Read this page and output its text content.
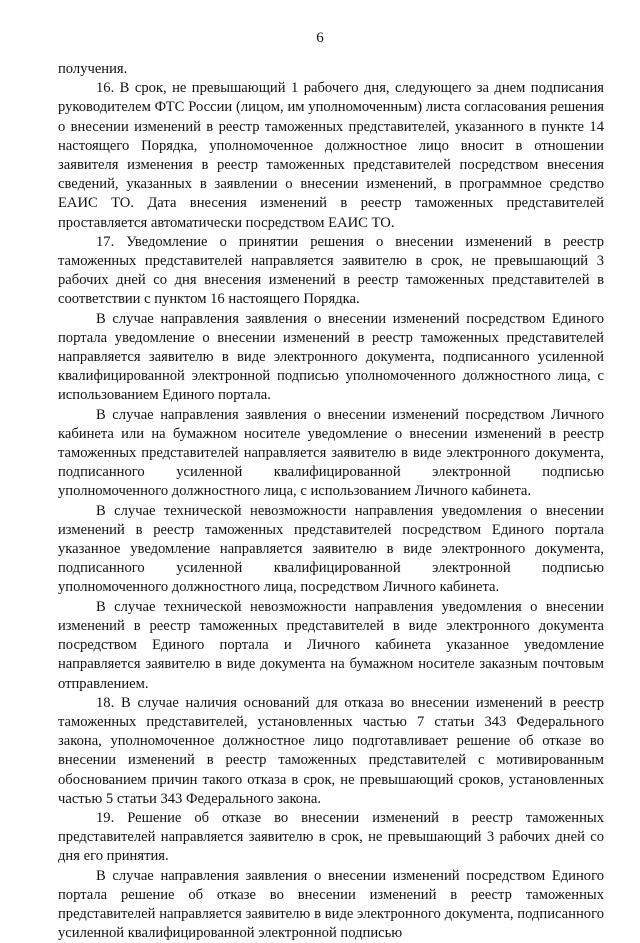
6

получения.

16. В срок, не превышающий 1 рабочего дня, следующего за днем подписания руководителем ФТС России (лицом, им уполномоченным) листа согласования решения о внесении изменений в реестр таможенных представителей, указанного в пункте 14 настоящего Порядка, уполномоченное должностное лицо вносит в отношении заявителя изменения в реестр таможенных представителей посредством внесения сведений, указанных в заявлении о внесении изменений, в программное средство ЕАИС ТО. Дата внесения изменений в реестр таможенных представителей проставляется автоматически посредством ЕАИС ТО.

17. Уведомление о принятии решения о внесении изменений в реестр таможенных представителей направляется заявителю в срок, не превышающий 3 рабочих дней со дня внесения изменений в реестр таможенных представителей в соответствии с пунктом 16 настоящего Порядка.

В случае направления заявления о внесении изменений посредством Единого портала уведомление о внесении изменений в реестр таможенных представителей направляется заявителю в виде электронного документа, подписанного усиленной квалифицированной электронной подписью уполномоченного должностного лица, с использованием Единого портала.

В случае направления заявления о внесении изменений посредством Личного кабинета или на бумажном носителе уведомление о внесении изменений в реестр таможенных представителей направляется заявителю в виде электронного документа, подписанного усиленной квалифицированной электронной подписью уполномоченного должностного лица, с использованием Личного кабинета.

В случае технической невозможности направления уведомления о внесении изменений в реестр таможенных представителей посредством Единого портала указанное уведомление направляется заявителю в виде электронного документа, подписанного усиленной квалифицированной электронной подписью уполномоченного должностного лица, посредством Личного кабинета.

В случае технической невозможности направления уведомления о внесении изменений в реестр таможенных представителей в виде электронного документа посредством Единого портала и Личного кабинета указанное уведомление направляется заявителю в виде документа на бумажном носителе заказным почтовым отправлением.

18. В случае наличия оснований для отказа во внесении изменений в реестр таможенных представителей, установленных частью 7 статьи 343 Федерального закона, уполномоченное должностное лицо подготавливает решение об отказе во внесении изменений в реестр таможенных представителей с мотивированным обоснованием причин такого отказа в срок, не превышающий сроков, установленных частью 5 статьи 343 Федерального закона.

19. Решение об отказе во внесении изменений в реестр таможенных представителей направляется заявителю в срок, не превышающий 3 рабочих дней со дня его принятия.

В случае направления заявления о внесении изменений посредством Единого портала решение об отказе во внесении изменений в реестр таможенных представителей направляется заявителю в виде электронного документа, подписанного усиленной квалифицированной электронной подписью
